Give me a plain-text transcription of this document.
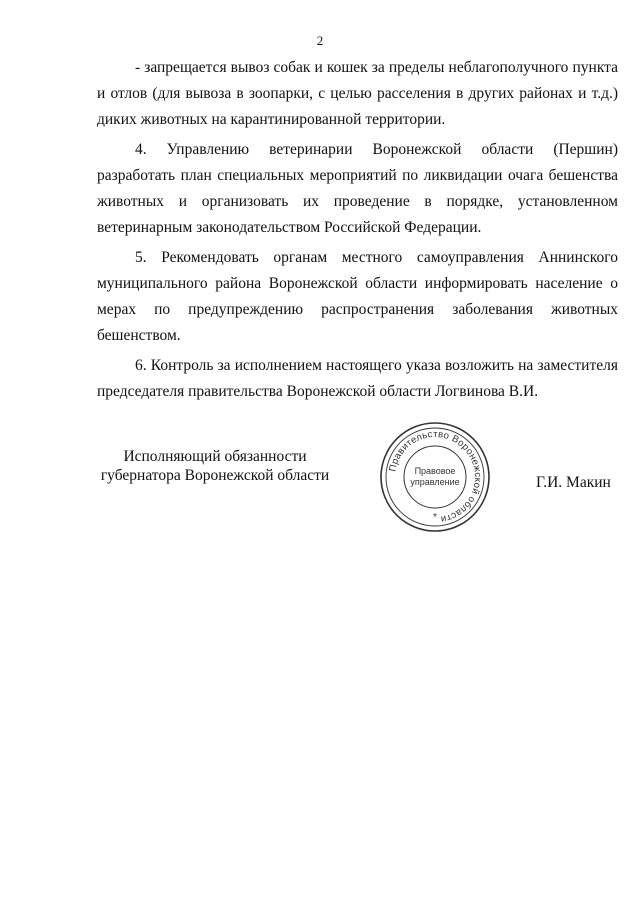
2

- запрещается вывоз собак и кошек за пределы неблагополучного пункта и отлов (для вывоза в зоопарки, с целью расселения в других районах и т.д.) диких животных на карантинированной территории.

4. Управлению ветеринарии Воронежской области (Першин) разработать план специальных мероприятий по ликвидации очага бешенства животных и организовать их проведение в порядке, установленном ветеринарным законодательством Российской Федерации.

5. Рекомендовать органам местного самоуправления Аннинского муниципального района Воронежской области информировать население о мерах по предупреждению распространения заболевания животных бешенством.

6. Контроль за исполнением настоящего указа возложить на заместителя председателя правительства Воронежской области Логвинова В.И.

Исполняющий обязанности
губернатора Воронежской области	Правительство Воронежской области
Правовое
управление
*
Г.И. Макин
